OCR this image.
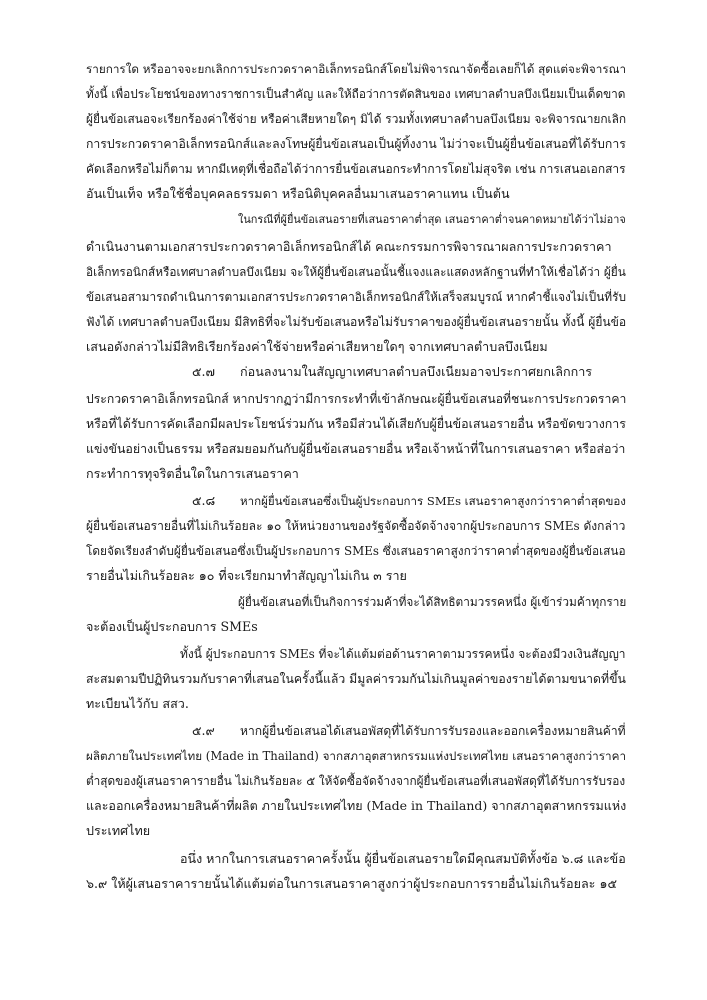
รายการใด หรืออาจจะยกเลิกการประกวดราคาอิเล็กทรอนิกส์โดยไม่พิจารณาจัดซื้อเลยก็ได้ สุดแต่จะพิจารณา

ทั้งนี้ เพื่อประโยชน์ของทางราชการเป็นสำคัญ และให้ถือว่าการตัดสินของ เทศบาลตำบลบึงเนียมเป็นเด็ดขาด

ผู้ยื่นข้อเสนอจะเรียกร้องค่าใช้จ่าย หรือค่าเสียหายใดๆ มิได้ รวมทั้งเทศบาลตำบลบึงเนียม จะพิจารณายกเลิก

การประกวดราคาอิเล็กทรอนิกส์และลงโทษผู้ยื่นข้อเสนอเป็นผู้ทิ้งงาน ไม่ว่าจะเป็นผู้ยื่นข้อเสนอที่ได้รับการ

คัดเลือกหรือไม่ก็ตาม หากมีเหตุที่เชื่อถือได้ว่าการยื่นข้อเสนอกระทำการโดยไม่สุจริต เช่น การเสนอเอกสาร

อันเป็นเท็จ หรือใช้ชื่อบุคคลธรรมดา หรือนิติบุคคลอื่นมาเสนอราคาแทน เป็นต้น

ในกรณีที่ผู้ยื่นข้อเสนอรายที่เสนอราคาต่ำสุด เสนอราคาต่ำจนคาดหมายได้ว่าไม่อาจ

ดำเนินงานตามเอกสารประกวดราคาอิเล็กทรอนิกส์ได้ คณะกรรมการพิจารณาผลการประกวดราคา

อิเล็กทรอนิกส์หรือเทศบาลตำบลบึงเนียม จะให้ผู้ยื่นข้อเสนอนั้นชี้แจงและแสดงหลักฐานที่ทำให้เชื่อได้ว่า ผู้ยื่น

ข้อเสนอสามารถดำเนินการตามเอกสารประกวดราคาอิเล็กทรอนิกส์ให้เสร็จสมบูรณ์ หากคำชี้แจงไม่เป็นที่รับ

ฟังได้ เทศบาลตำบลบึงเนียม มีสิทธิที่จะไม่รับข้อเสนอหรือไม่รับราคาของผู้ยื่นข้อเสนอรายนั้น ทั้งนี้ ผู้ยื่นข้อ

เสนอดังกล่าวไม่มีสิทธิเรียกร้องค่าใช้จ่ายหรือค่าเสียหายใดๆ จากเทศบาลตำบลบึงเนียม

๕.๗ ก่อนลงนามในสัญญาเทศบาลตำบลบึงเนียมอาจประกาศยกเลิกการ

ประกวดราคาอิเล็กทรอนิกส์ หากปรากฏว่ามีการกระทำที่เข้าลักษณะผู้ยื่นข้อเสนอที่ชนะการประกวดราคา

หรือที่ได้รับการคัดเลือกมีผลประโยชน์ร่วมกัน หรือมีส่วนได้เสียกับผู้ยื่นข้อเสนอรายอื่น หรือขัดขวางการ

แข่งขันอย่างเป็นธรรม หรือสมยอมกันกับผู้ยื่นข้อเสนอรายอื่น หรือเจ้าหน้าที่ในการเสนอราคา หรือส่อว่า

กระทำการทุจริตอื่นใดในการเสนอราคา

๕.๘ หากผู้ยื่นข้อเสนอซึ่งเป็นผู้ประกอบการ SMEs เสนอราคาสูงกว่าราคาต่ำสุดของ

ผู้ยื่นข้อเสนอรายอื่นที่ไม่เกินร้อยละ ๑๐ ให้หน่วยงานของรัฐจัดซื้อจัดจ้างจากผู้ประกอบการ SMEs ดังกล่าว

โดยจัดเรียงลำดับผู้ยื่นข้อเสนอซึ่งเป็นผู้ประกอบการ SMEs ซึ่งเสนอราคาสูงกว่าราคาต่ำสุดของผู้ยื่นข้อเสนอ

รายอื่นไม่เกินร้อยละ ๑๐ ที่จะเรียกมาทำสัญญาไม่เกิน ๓ ราย

ผู้ยื่นข้อเสนอที่เป็นกิจการร่วมค้าที่จะได้สิทธิตามวรรคหนึ่ง ผู้เข้าร่วมค้าทุกราย

จะต้องเป็นผู้ประกอบการ SMEs

ทั้งนี้ ผู้ประกอบการ SMEs ที่จะได้แต้มต่อด้านราคาตามวรรคหนึ่ง จะต้องมีวงเงินสัญญา

สะสมตามปีปฏิทินรวมกับราคาที่เสนอในครั้งนี้แล้ว มีมูลค่ารวมกันไม่เกินมูลค่าของรายได้ตามขนาดที่ขึ้น

ทะเบียนไว้กับ สสว.

๕.๙ หากผู้ยื่นข้อเสนอได้เสนอพัสดุที่ได้รับการรับรองและออกเครื่องหมายสินค้าที่

ผลิตภายในประเทศไทย (Made in Thailand) จากสภาอุตสาหกรรมแห่งประเทศไทย เสนอราคาสูงกว่าราคา

ต่ำสุดของผู้เสนอราคารายอื่น ไม่เกินร้อยละ ๕ ให้จัดซื้อจัดจ้างจากผู้ยื่นข้อเสนอที่เสนอพัสดุที่ได้รับการรับรอง

และออกเครื่องหมายสินค้าที่ผลิต ภายในประเทศไทย (Made in Thailand) จากสภาอุตสาหกรรมแห่ง

ประเทศไทย

อนึ่ง หากในการเสนอราคาครั้งนั้น ผู้ยื่นข้อเสนอรายใดมีคุณสมบัติทั้งข้อ ๖.๘ และข้อ

๖.๙ ให้ผู้เสนอราคารายนั้นได้แต้มต่อในการเสนอราคาสูงกว่าผู้ประกอบการรายอื่นไม่เกินร้อยละ ๑๕
